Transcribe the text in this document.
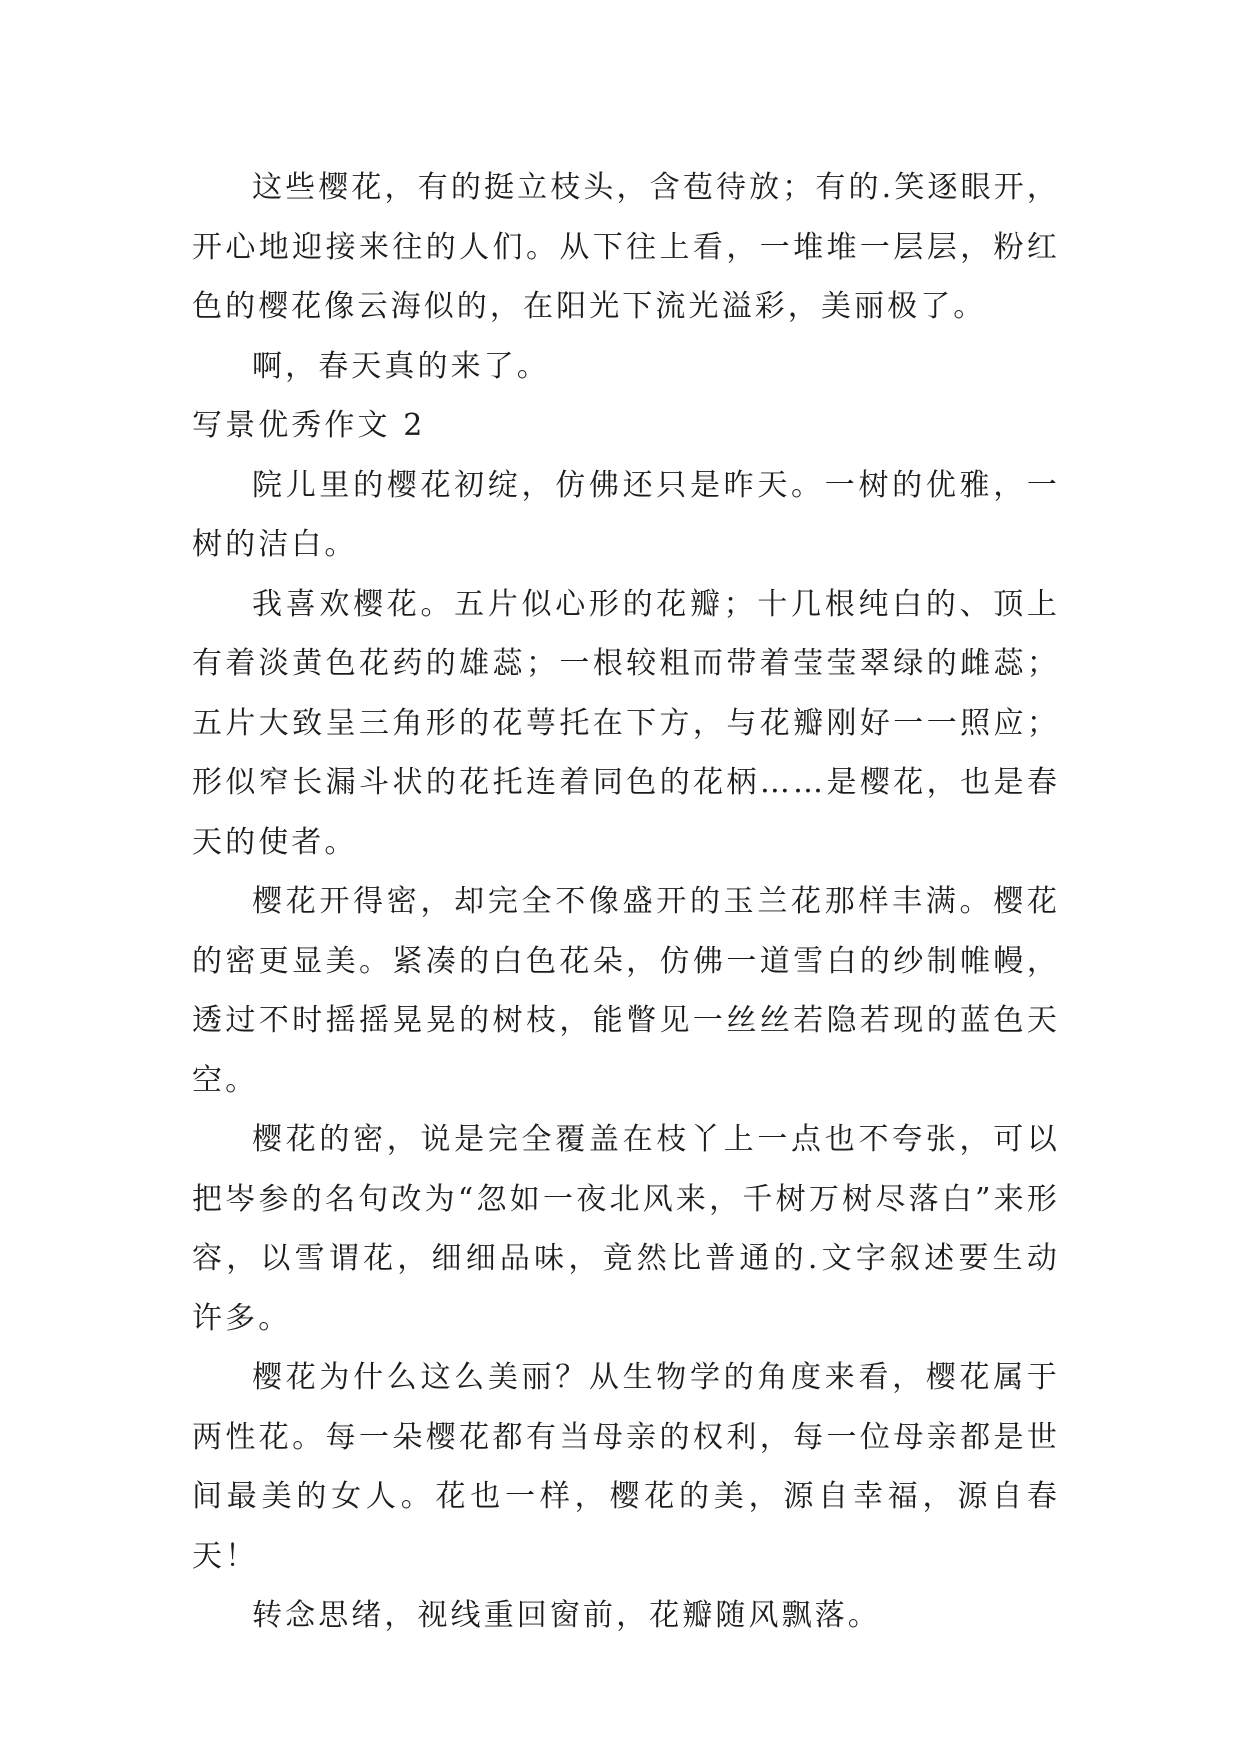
这些樱花，有的挺立枝头，含苞待放；有的.笑逐眼开，开心地迎接来往的人们。从下往上看，一堆堆一层层，粉红色的樱花像云海似的，在阳光下流光溢彩，美丽极了。

啊，春天真的来了。

写景优秀作文 2

院儿里的樱花初绽，仿佛还只是昨天。一树的优雅，一树的洁白。

我喜欢樱花。五片似心形的花瓣；十几根纯白的、顶上有着淡黄色花药的雄蕊；一根较粗而带着莹莹翠绿的雌蕊；五片大致呈三角形的花萼托在下方，与花瓣刚好一一照应；形似窄长漏斗状的花托连着同色的花柄……是樱花，也是春天的使者。

樱花开得密，却完全不像盛开的玉兰花那样丰满。樱花的密更显美。紧凑的白色花朵，仿佛一道雪白的纱制帷幔，透过不时摇摇晃晃的树枝，能瞥见一丝丝若隐若现的蓝色天空。

樱花的密，说是完全覆盖在枝丫上一点也不夸张，可以把岑参的名句改为“忽如一夜北风来，千树万树尽落白”来形容，以雪谓花，细细品味，竟然比普通的.文字叙述要生动许多。

樱花为什么这么美丽？从生物学的角度来看，樱花属于两性花。每一朵樱花都有当母亲的权利，每一位母亲都是世间最美的女人。花也一样，樱花的美，源自幸福，源自春天！

转念思绪，视线重回窗前，花瓣随风飘落。
